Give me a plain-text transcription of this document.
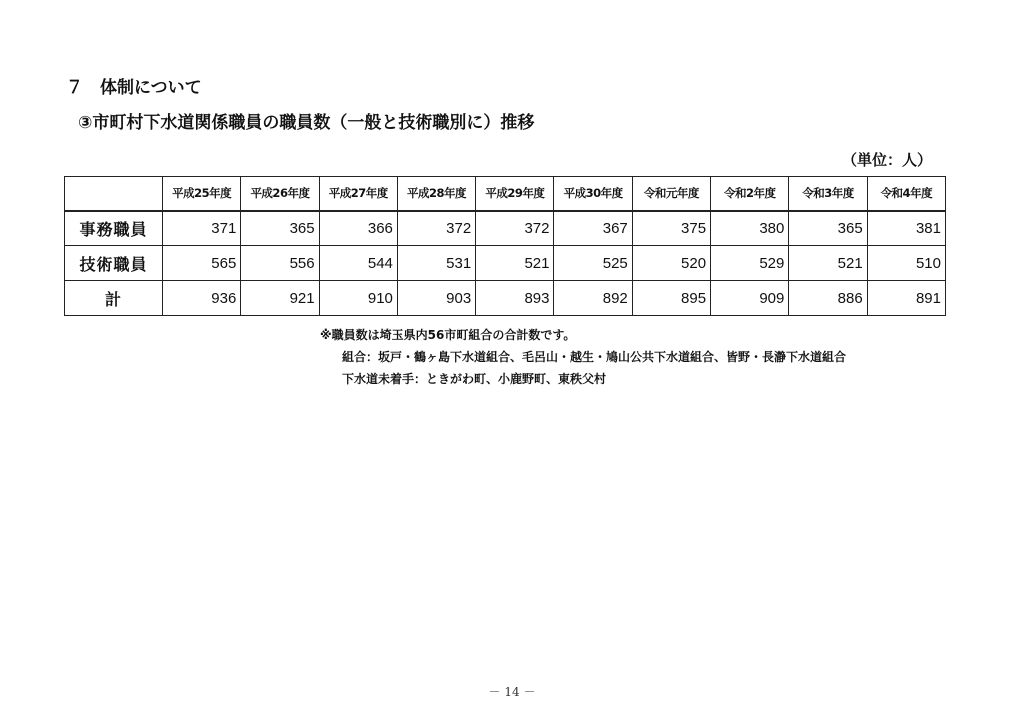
７　体制について
③市町村下水道関係職員の職員数（一般と技術職別に）推移
（単位：人）
	平成25年度	平成26年度	平成27年度	平成28年度	平成29年度	平成30年度	令和元年度	令和2年度	令和3年度	令和4年度
事務職員	371	365	366	372	372	367	375	380	365	381
技術職員	565	556	544	531	521	525	520	529	521	510
計	936	921	910	903	893	892	895	909	886	891
※職員数は埼玉県内56市町組合の合計数です。
組合：坂戸・鶴ヶ島下水道組合、毛呂山・越生・鳩山公共下水道組合、皆野・長瀞下水道組合
下水道未着手：ときがわ町、小鹿野町、東秩父村
－ 14 －
